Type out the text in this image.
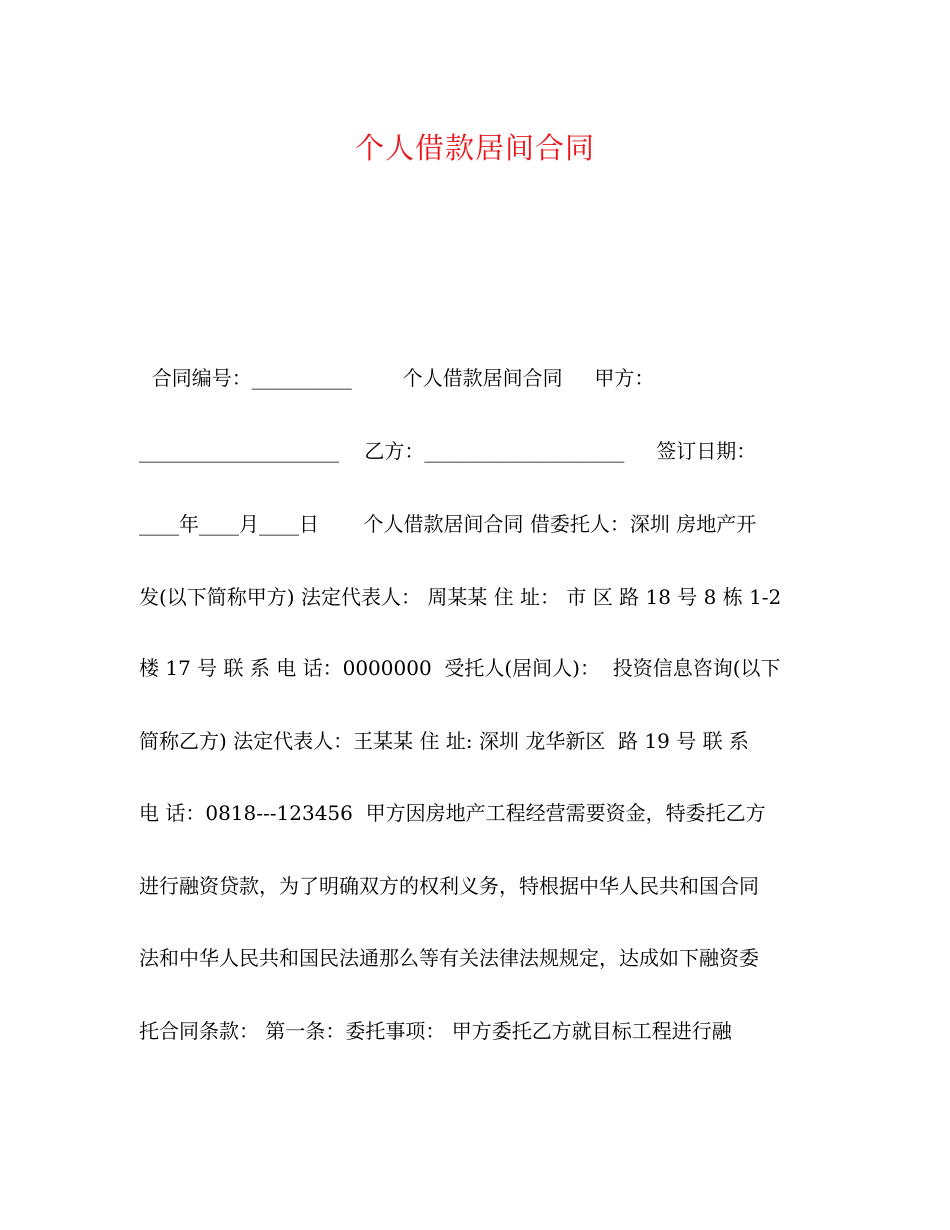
个人借款居间合同
合同编号：__________        个人借款居间合同     甲方：
____________________    乙方：____________________     签订日期：
____年____月____日       个人借款居间合同 借委托人：深圳 房地产开
发(以下简称甲方) 法定代表人： 周某某 住 址： 市 区 路 18 号 8 栋 1-2
楼 17 号 联 系 电 话：0000000  受托人(居间人)：  投资信息咨询(以下
简称乙方) 法定代表人：王某某 住 址: 深圳 龙华新区  路 19 号 联 系
电 话：0818---123456  甲方因房地产工程经营需要资金，特委托乙方
进行融资贷款，为了明确双方的权利义务，特根据中华人民共和国合同
法和中华人民共和国民法通那么等有关法律法规规定，达成如下融资委
托合同条款： 第一条：委托事项： 甲方委托乙方就目标工程进行融
